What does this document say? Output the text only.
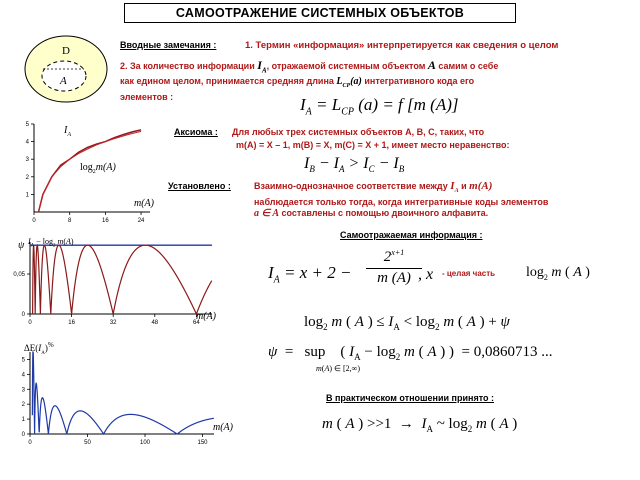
САМООТРАЖЕНИЕ СИСТЕМНЫХ ОБЪЕКТОВ
D
A
Вводные замечания :	1. Термин «информация» интерпретируется как сведения о целом
2. За количество информации $I_A$, отражаемой системным объектом A самим о себе
как едином целом, принимается средняя длина $L_{CP}(a)$ интегративного кода его
элементов :	$I_A = L_{CP}$ (a) = f [m (A)]
0	8	16	24
1
2
3
4
5	$I_A$
$\log_2m(A)$
m(A)
Аксиома : Для любых трех системных объектов A, B, C, таких, что
m(A) = X – 1, m(B) = X, m(C) = X + 1, имеет место неравенство:
$I_B - I_A > I_C - I_B$
Установлено :	Взаимно-однозначное соответствие между $I_A$ и m(A)
наблюдается только тогда, когда интегративные коды элементов
a ∈ A составлены с помощью двоичного алфавита.
0	16	32	48	64
0
0,05
ψ $I_A - \log_2 m(A)$
m(A)
Самоотражаемая информация :
$I_A = x + 2$ −
$2^{x+1}$
m (A) , x - целая часть $\log_2 m$ ( A )
$\log_2 m$ ( A ) ≤ $I_A < \log_2 m$ ( A ) + ψ
ψ  =   sup    ( $I_A - \log_2 m$ ( A ) )  = 0,0860713 ...
m(A) ∈ [2,∞)
0	50	100	150
0
1
2
3
4
5
$\Delta E(I_A)^{\%}$
m(A)
В практическом отношении принято :
m ( A ) $>>1 \to I_A$ ~ $\log_2 m$ ( A )
